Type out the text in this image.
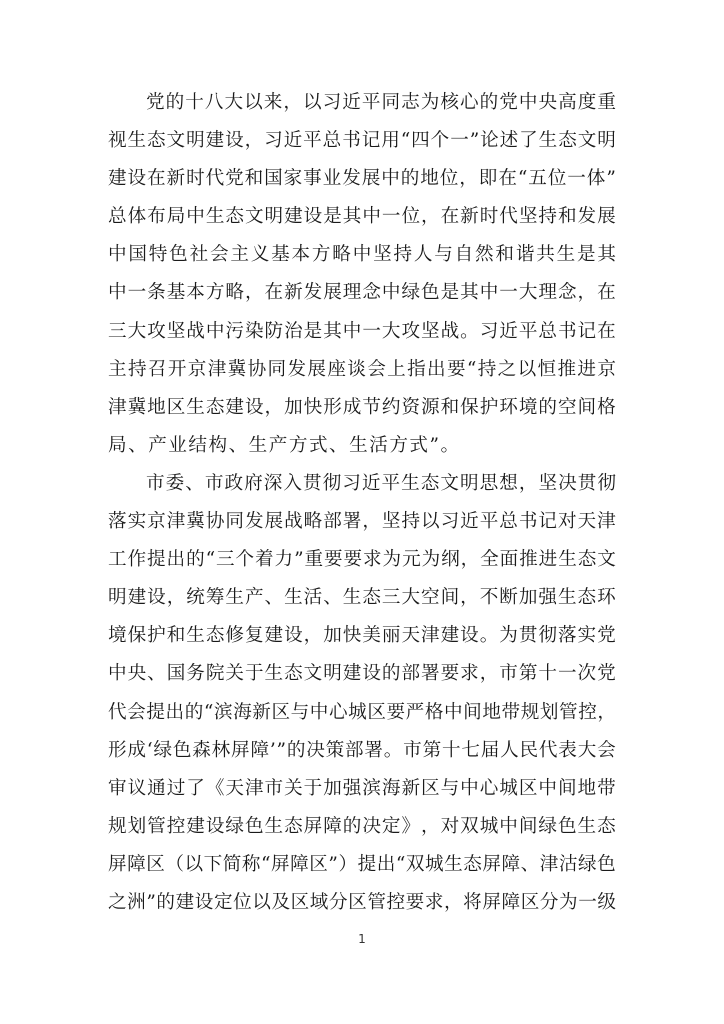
党 的 十 八 大 以 来 ， 以 习 近 平 同 志 为 核 心 的 党 中 央 高 度 重
视 生 态 文 明 建 设 ， 习 近 平 总 书 记 用 “ 四 个 一 ” 论 述 了 生 态 文 明
建 设 在 新 时 代 党 和 国 家 事 业 发 展 中 的 地 位 ， 即 在 “ 五 位 一 体 ”
总 体 布 局 中 生 态 文 明 建 设 是 其 中 一 位 ， 在 新 时 代 坚 持 和 发 展
中 国 特 色 社 会 主 义 基 本 方 略 中 坚 持 人 与 自 然 和 谐 共 生 是 其
中 一 条 基 本 方 略 ， 在 新 发 展 理 念 中 绿 色 是 其 中 一 大 理 念 ， 在
三 大 攻 坚 战 中 污 染 防 治 是 其 中 一 大 攻 坚 战 。 习 近 平 总 书 记 在
主 持 召 开 京 津 冀 协 同 发 展 座 谈 会 上 指 出 要 “ 持 之 以 恒 推 进 京
津 冀 地 区 生 态 建 设 ， 加 快 形 成 节 约 资 源 和 保 护 环 境 的 空 间 格
局、产业结构、生产方式、生活方式”。
市 委 、 市 政 府 深 入 贯 彻 习 近 平 生 态 文 明 思 想 ， 坚 决 贯 彻
落 实 京 津 冀 协 同 发 展 战 略 部 署 ， 坚 持 以 习 近 平 总 书 记 对 天 津
工 作 提 出 的 “ 三 个 着 力 ” 重 要 要 求 为 元 为 纲 ， 全 面 推 进 生 态 文
明 建 设 ， 统 筹 生 产 、 生 活 、 生 态 三 大 空 间 ， 不 断 加 强 生 态 环
境 保 护 和 生 态 修 复 建 设 ， 加 快 美 丽 天 津 建 设 。 为 贯 彻 落 实 党
中 央 、 国 务 院 关 于 生 态 文 明 建 设 的 部 署 要 求 ， 市 第 十 一 次 党
代 会 提 出 的 “ 滨 海 新 区 与 中 心 城 区 要 严 格 中 间 地 带 规 划 管 控 ，
形 成 ‘ 绿 色 森 林 屏 障 ’ ” 的 决 策 部 署 。 市 第 十 七 届 人 民 代 表 大 会
审 议 通 过 了 《 天 津 市 关 于 加 强 滨 海 新 区 与 中 心 城 区 中 间 地 带
规 划 管 控 建 设 绿 色 生 态 屏 障 的 决 定 》 ， 对 双 城 中 间 绿 色 生 态
屏 障 区 （ 以 下 简 称 “ 屏 障 区 ” ） 提 出 “ 双 城 生 态 屏 障 、 津 沽 绿 色
之 洲 ” 的 建 设 定 位 以 及 区 域 分 区 管 控 要 求 ， 将 屏 障 区 分 为 一 级
1
